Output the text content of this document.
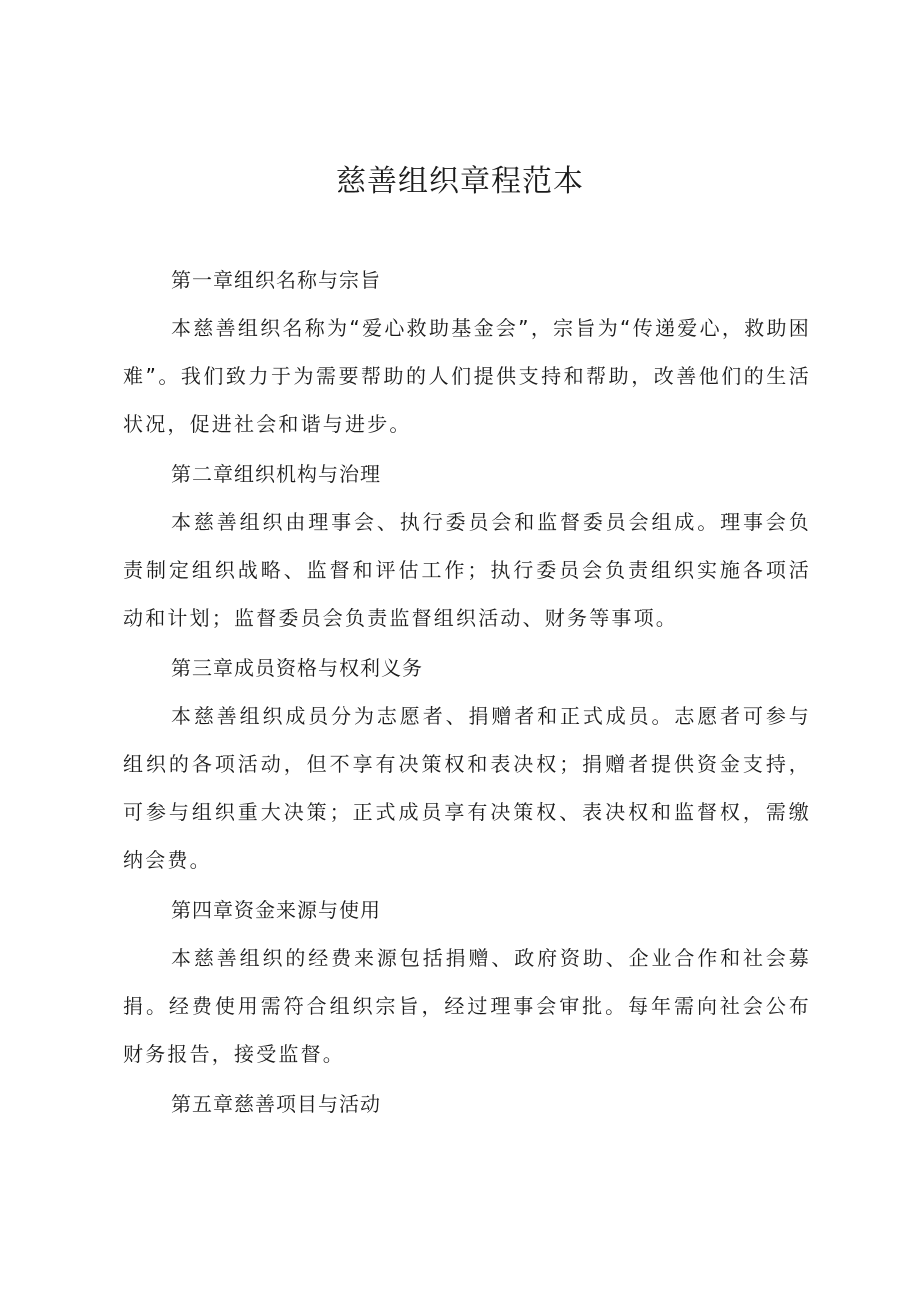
慈善组织章程范本

第一章组织名称与宗旨

本慈善组织名称为“爱心救助基金会”，宗旨为“传递爱心，救助困难”。我们致力于为需要帮助的人们提供支持和帮助，改善他们的生活状况，促进社会和谐与进步。

第二章组织机构与治理

本慈善组织由理事会、执行委员会和监督委员会组成。理事会负责制定组织战略、监督和评估工作；执行委员会负责组织实施各项活动和计划；监督委员会负责监督组织活动、财务等事项。

第三章成员资格与权利义务

本慈善组织成员分为志愿者、捐赠者和正式成员。志愿者可参与组织的各项活动，但不享有决策权和表决权；捐赠者提供资金支持，可参与组织重大决策；正式成员享有决策权、表决权和监督权，需缴纳会费。

第四章资金来源与使用

本慈善组织的经费来源包括捐赠、政府资助、企业合作和社会募捐。经费使用需符合组织宗旨，经过理事会审批。每年需向社会公布财务报告，接受监督。

第五章慈善项目与活动
